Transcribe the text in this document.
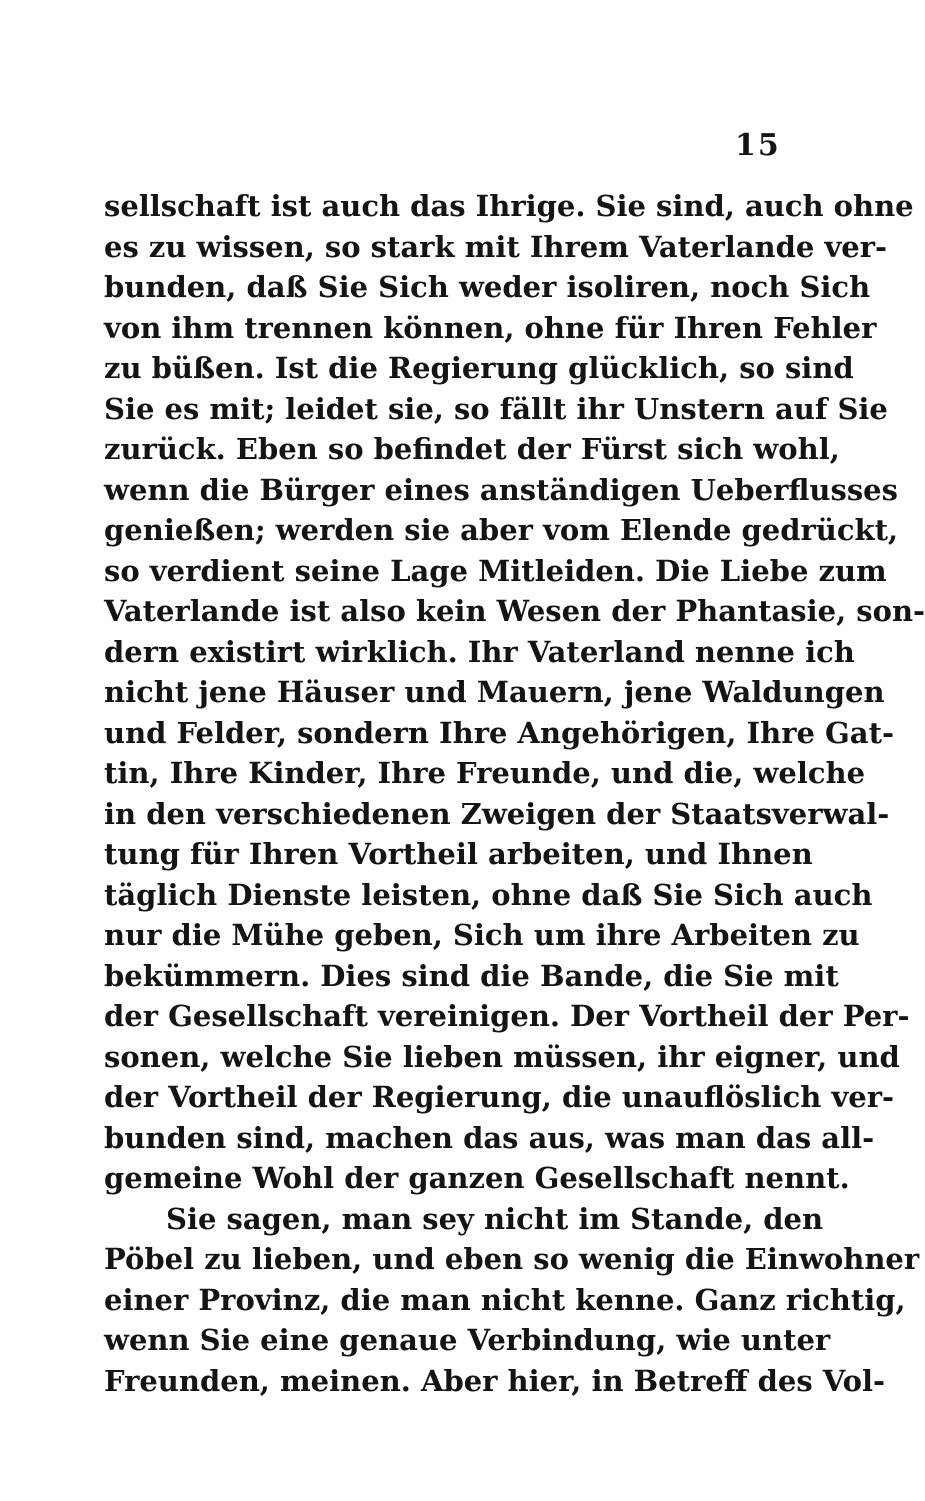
15
sellschaft ist auch das Ihrige. Sie sind, auch ohne
es zu wissen, so stark mit Ihrem Vaterlande ver-
bunden, daß Sie Sich weder isoliren, noch Sich
von ihm trennen können, ohne für Ihren Fehler
zu büßen. Ist die Regierung glücklich, so sind
Sie es mit; leidet sie, so fällt ihr Unstern auf Sie
zurück. Eben so befindet der Fürst sich wohl,
wenn die Bürger eines anständigen Ueberflusses
genießen; werden sie aber vom Elende gedrückt,
so verdient seine Lage Mitleiden. Die Liebe zum
Vaterlande ist also kein Wesen der Phantasie, son-
dern existirt wirklich. Ihr Vaterland nenne ich
nicht jene Häuser und Mauern, jene Waldungen
und Felder, sondern Ihre Angehörigen, Ihre Gat-
tin, Ihre Kinder, Ihre Freunde, und die, welche
in den verschiedenen Zweigen der Staatsverwal-
tung für Ihren Vortheil arbeiten, und Ihnen
täglich Dienste leisten, ohne daß Sie Sich auch
nur die Mühe geben, Sich um ihre Arbeiten zu
bekümmern. Dies sind die Bande, die Sie mit
der Gesellschaft vereinigen. Der Vortheil der Per-
sonen, welche Sie lieben müssen, ihr eigner, und
der Vortheil der Regierung, die unauflöslich ver-
bunden sind, machen das aus, was man das all-
gemeine Wohl der ganzen Gesellschaft nennt.
Sie sagen, man sey nicht im Stande, den
Pöbel zu lieben, und eben so wenig die Einwohner
einer Provinz, die man nicht kenne. Ganz richtig,
wenn Sie eine genaue Verbindung, wie unter
Freunden, meinen. Aber hier, in Betreff des Vol-
